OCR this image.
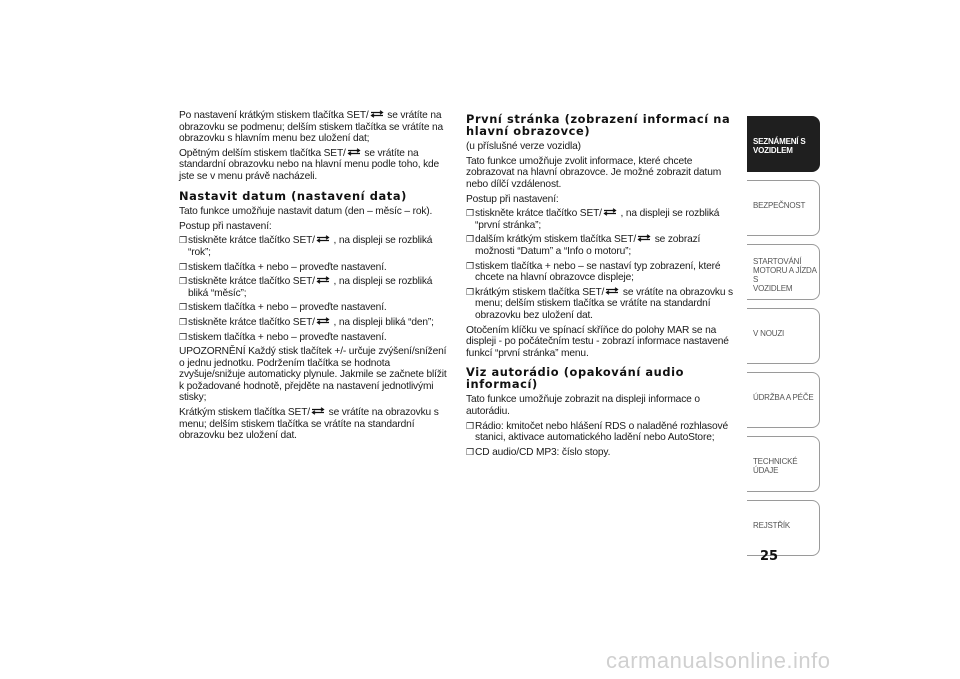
Po nastavení krátkým stiskem tlačítka SET/ se vrátíte na obrazovku se podmenu; delším stiskem tlačítka se vrátíte na obrazovku s hlavním menu bez uložení dat;

Opětným delším stiskem tlačítka SET/ se vrátíte na standardní obrazovku nebo na hlavní menu podle toho, kde jste se v menu právě nacházeli.

Nastavit datum (nastavení data)

Tato funkce umožňuje nastavit datum (den – měsíc – rok).

Postup při nastavení:

❒ stiskněte krátce tlačítko SET/ , na displeji se rozbliká “rok”;
❒ stiskem tlačítka + nebo – proveďte nastavení.
❒ stiskněte krátce tlačítko SET/ , na displeji se rozbliká bliká “měsíc”;
❒ stiskem tlačítka + nebo – proveďte nastavení.
❒ stiskněte krátce tlačítko SET/ , na displeji bliká “den”;
❒ stiskem tlačítka + nebo – proveďte nastavení.

UPOZORNĚNÍ Každý stisk tlačítek +/- určuje zvýšení/snížení o jednu jednotku. Podržením tlačítka se hodnota zvyšuje/snižuje automaticky plynule. Jakmile se začnete blížit k požadované hodnotě, přejděte na nastavení jednotlivými stisky;

Krátkým stiskem tlačítka SET/ se vrátíte na obrazovku s menu; delším stiskem tlačítka se vrátíte na standardní obrazovku bez uložení dat.

První stránka (zobrazení informací na hlavní obrazovce)

(u příslušné verze vozidla)

Tato funkce umožňuje zvolit informace, které chcete zobrazovat na hlavní obrazovce. Je možné zobrazit datum nebo dílčí vzdálenost.

Postup při nastavení:

❒ stiskněte krátce tlačítko SET/ , na displeji se rozbliká “první stránka”;
❒ dalším krátkým stiskem tlačítka SET/ se zobrazí možnosti “Datum” a “Info o motoru”;
❒ stiskem tlačítka + nebo – se nastaví typ zobrazení, které chcete na hlavní obrazovce displeje;
❒ krátkým stiskem tlačítka SET/ se vrátíte na obrazovku s menu; delším stiskem tlačítka se vrátíte na standardní obrazovku bez uložení dat.

Otočením klíčku ve spínací skříňce do polohy MAR se na displeji - po počátečním testu - zobrazí informace nastavené funkcí “první stránka” menu.

Viz autorádio (opakování audio informací)

Tato funkce umožňuje zobrazit na displeji informace o autorádiu.

❒ Rádio: kmitočet nebo hlášení RDS o naladěné rozhlasové stanici, aktivace automatického ladění nebo AutoStore;
❒ CD audio/CD MP3: číslo stopy.
SEZNÁMENÍ S
VOZIDLEM
BEZPEČNOST
STARTOVÁNÍ
MOTORU A JÍZDA S
VOZIDLEM
V NOUZI
ÚDRŽBA A PÉČE
TECHNICKÉ ÚDAJE
REJSTŘÍK
25
carmanualsonline.info
